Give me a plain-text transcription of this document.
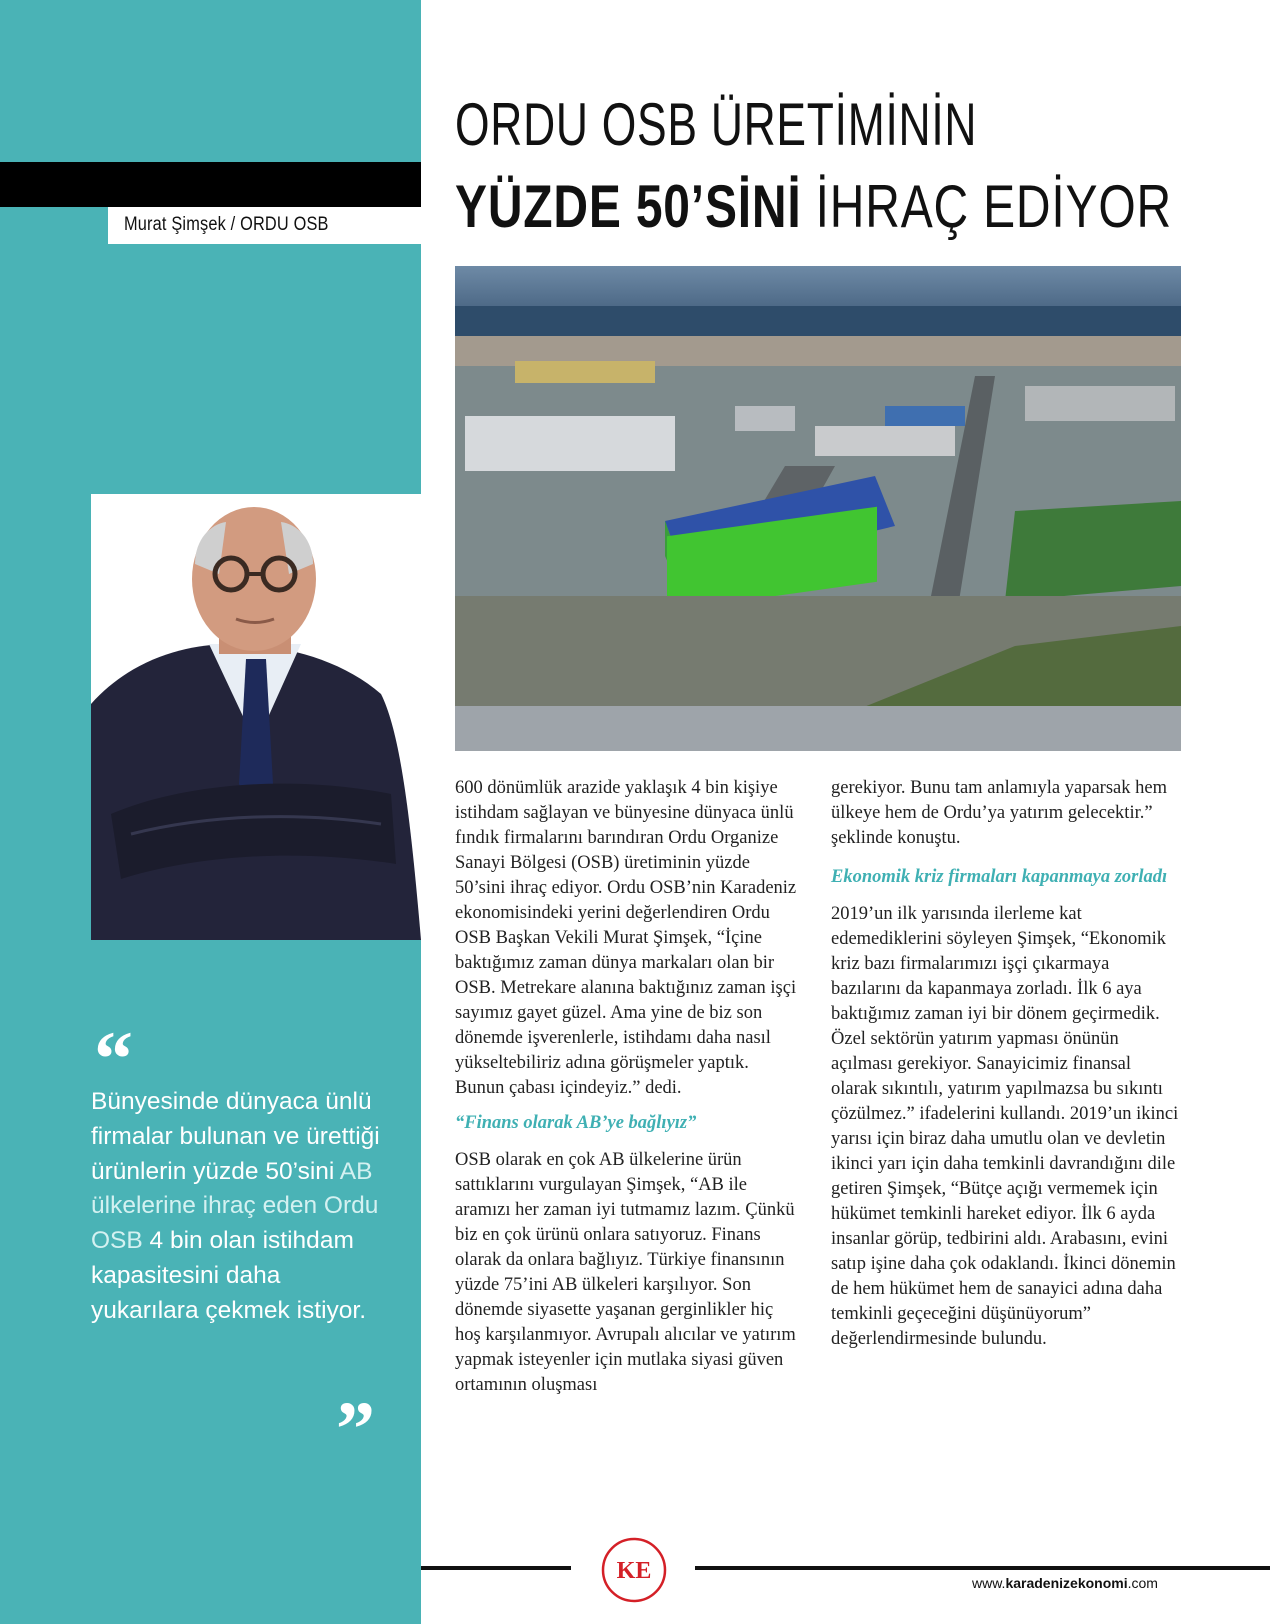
Murat Şimşek / ORDU OSB
“
Bünyesinde dünyaca ünlü firmalar bulunan ve ürettiği ürünlerin yüzde 50’sini AB ülkelerine ihraç eden Ordu OSB 4 bin olan istihdam kapasitesini daha yukarılara çekmek istiyor.
”
ORDU OSB ÜRETİMİNİN
YÜZDE 50’SİNİ İHRAÇ EDİYOR

600 dönümlük arazide yaklaşık 4 bin kişiye istihdam sağlayan ve bünyesine dünyaca ünlü fındık firmalarını barındıran Ordu Organize Sanayi Bölgesi (OSB) üretiminin yüzde 50’sini ihraç ediyor. Ordu OSB’nin Karadeniz ekonomisindeki yerini değerlendiren Ordu OSB Başkan Vekili Murat Şimşek, “İçine baktığımız zaman dünya markaları olan bir OSB. Metrekare alanına baktığınız zaman işçi sayımız gayet güzel. Ama yine de biz son dönemde işverenlerle, istihdamı daha nasıl yükseltebiliriz adına görüşmeler yaptık. Bunun çabası içindeyiz.” dedi.

“Finans olarak AB’ye bağlıyız”

OSB olarak en çok AB ülkelerine ürün sattıklarını vurgulayan Şimşek, “AB ile aramızı her zaman iyi tutmamız lazım. Çünkü biz en çok ürünü onlara satıyoruz. Finans olarak da onlara bağlıyız. Türkiye finansının yüzde 75’ini AB ülkeleri karşılıyor. Son dönemde siyasette yaşanan gerginlikler hiç hoş karşılanmıyor. Avrupalı alıcılar ve yatırım yapmak isteyenler için mutlaka siyasi güven ortamının oluşması

gerekiyor. Bunu tam anlamıyla yaparsak hem ülkeye hem de Ordu’ya yatırım gelecektir.” şeklinde konuştu.

Ekonomik kriz firmaları kapanmaya zorladı

2019’un ilk yarısında ilerleme kat edemediklerini söyleyen Şimşek, “Ekonomik kriz bazı firmalarımızı işçi çıkarmaya bazılarını da kapanmaya zorladı. İlk 6 aya baktığımız zaman iyi bir dönem geçirmedik. Özel sektörün yatırım yapması önünün açılması gerekiyor. Sanayicimiz finansal olarak sıkıntılı, yatırım yapılmazsa bu sıkıntı çözülmez.” ifadelerini kullandı. 2019’un ikinci yarısı için biraz daha umutlu olan ve devletin ikinci yarı için daha temkinli davrandığını dile getiren Şimşek, “Bütçe açığı vermemek için hükümet temkinli hareket ediyor. İlk 6 ayda insanlar görüp, tedbirini aldı. Arabasını, evini satıp işine daha çok odaklandı. İkinci dönemin de hem hükümet hem de sanayici adına daha temkinli geçeceğini düşünüyorum” değerlendirmesinde bulundu.

KE	www.karadenizekonomi.com
